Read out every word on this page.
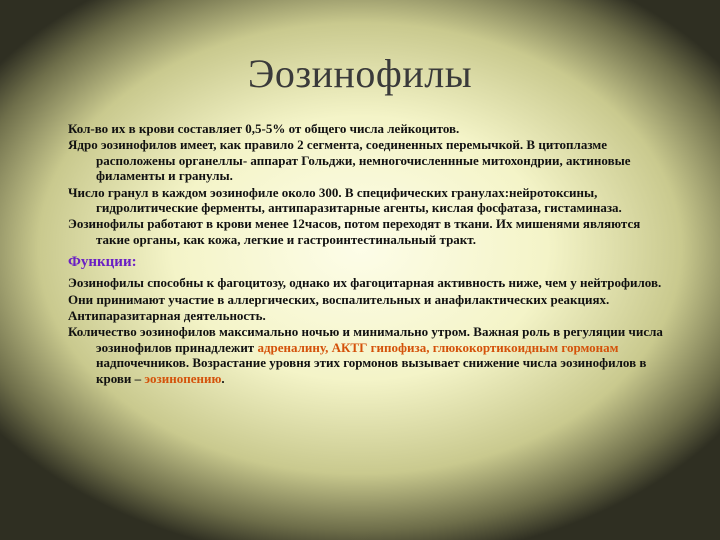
Эозинофилы

Кол-во их в крови составляет 0,5-5% от общего числа лейкоцитов.

Ядро эозинофилов имеет, как правило 2 сегмента, соединенных перемычкой. В цитоплазме расположены органеллы- аппарат Гольджи, немногочисленнные митохондрии, актиновые филаменты и гранулы.

Число гранул в каждом эозинофиле около 300. В специфических гранулах:нейротоксины, гидролитические ферменты, антипаразитарные агенты, кислая фосфатаза, гистаминаза.

Эозинофилы работают в крови менее 12часов, потом переходят в ткани. Их мишенями являются такие органы, как кожа, легкие и гастроинтестинальный тракт.

Функции:

Эозинофилы способны к фагоцитозу, однако их фагоцитарная активность ниже, чем у нейтрофилов.

Они принимают участие в аллергических, воспалительных и анафилактических реакциях.

Антипаразитарная деятельность.

Количество эозинофилов максимально ночью и минимально утром. Важная роль в регуляции числа эозинофилов принадлежит адреналину, АКТГ гипофиза, глюкокортикоидным гормонам надпочечников. Возрастание уровня этих гормонов вызывает снижение числа эозинофилов в крови – эозинопению.
